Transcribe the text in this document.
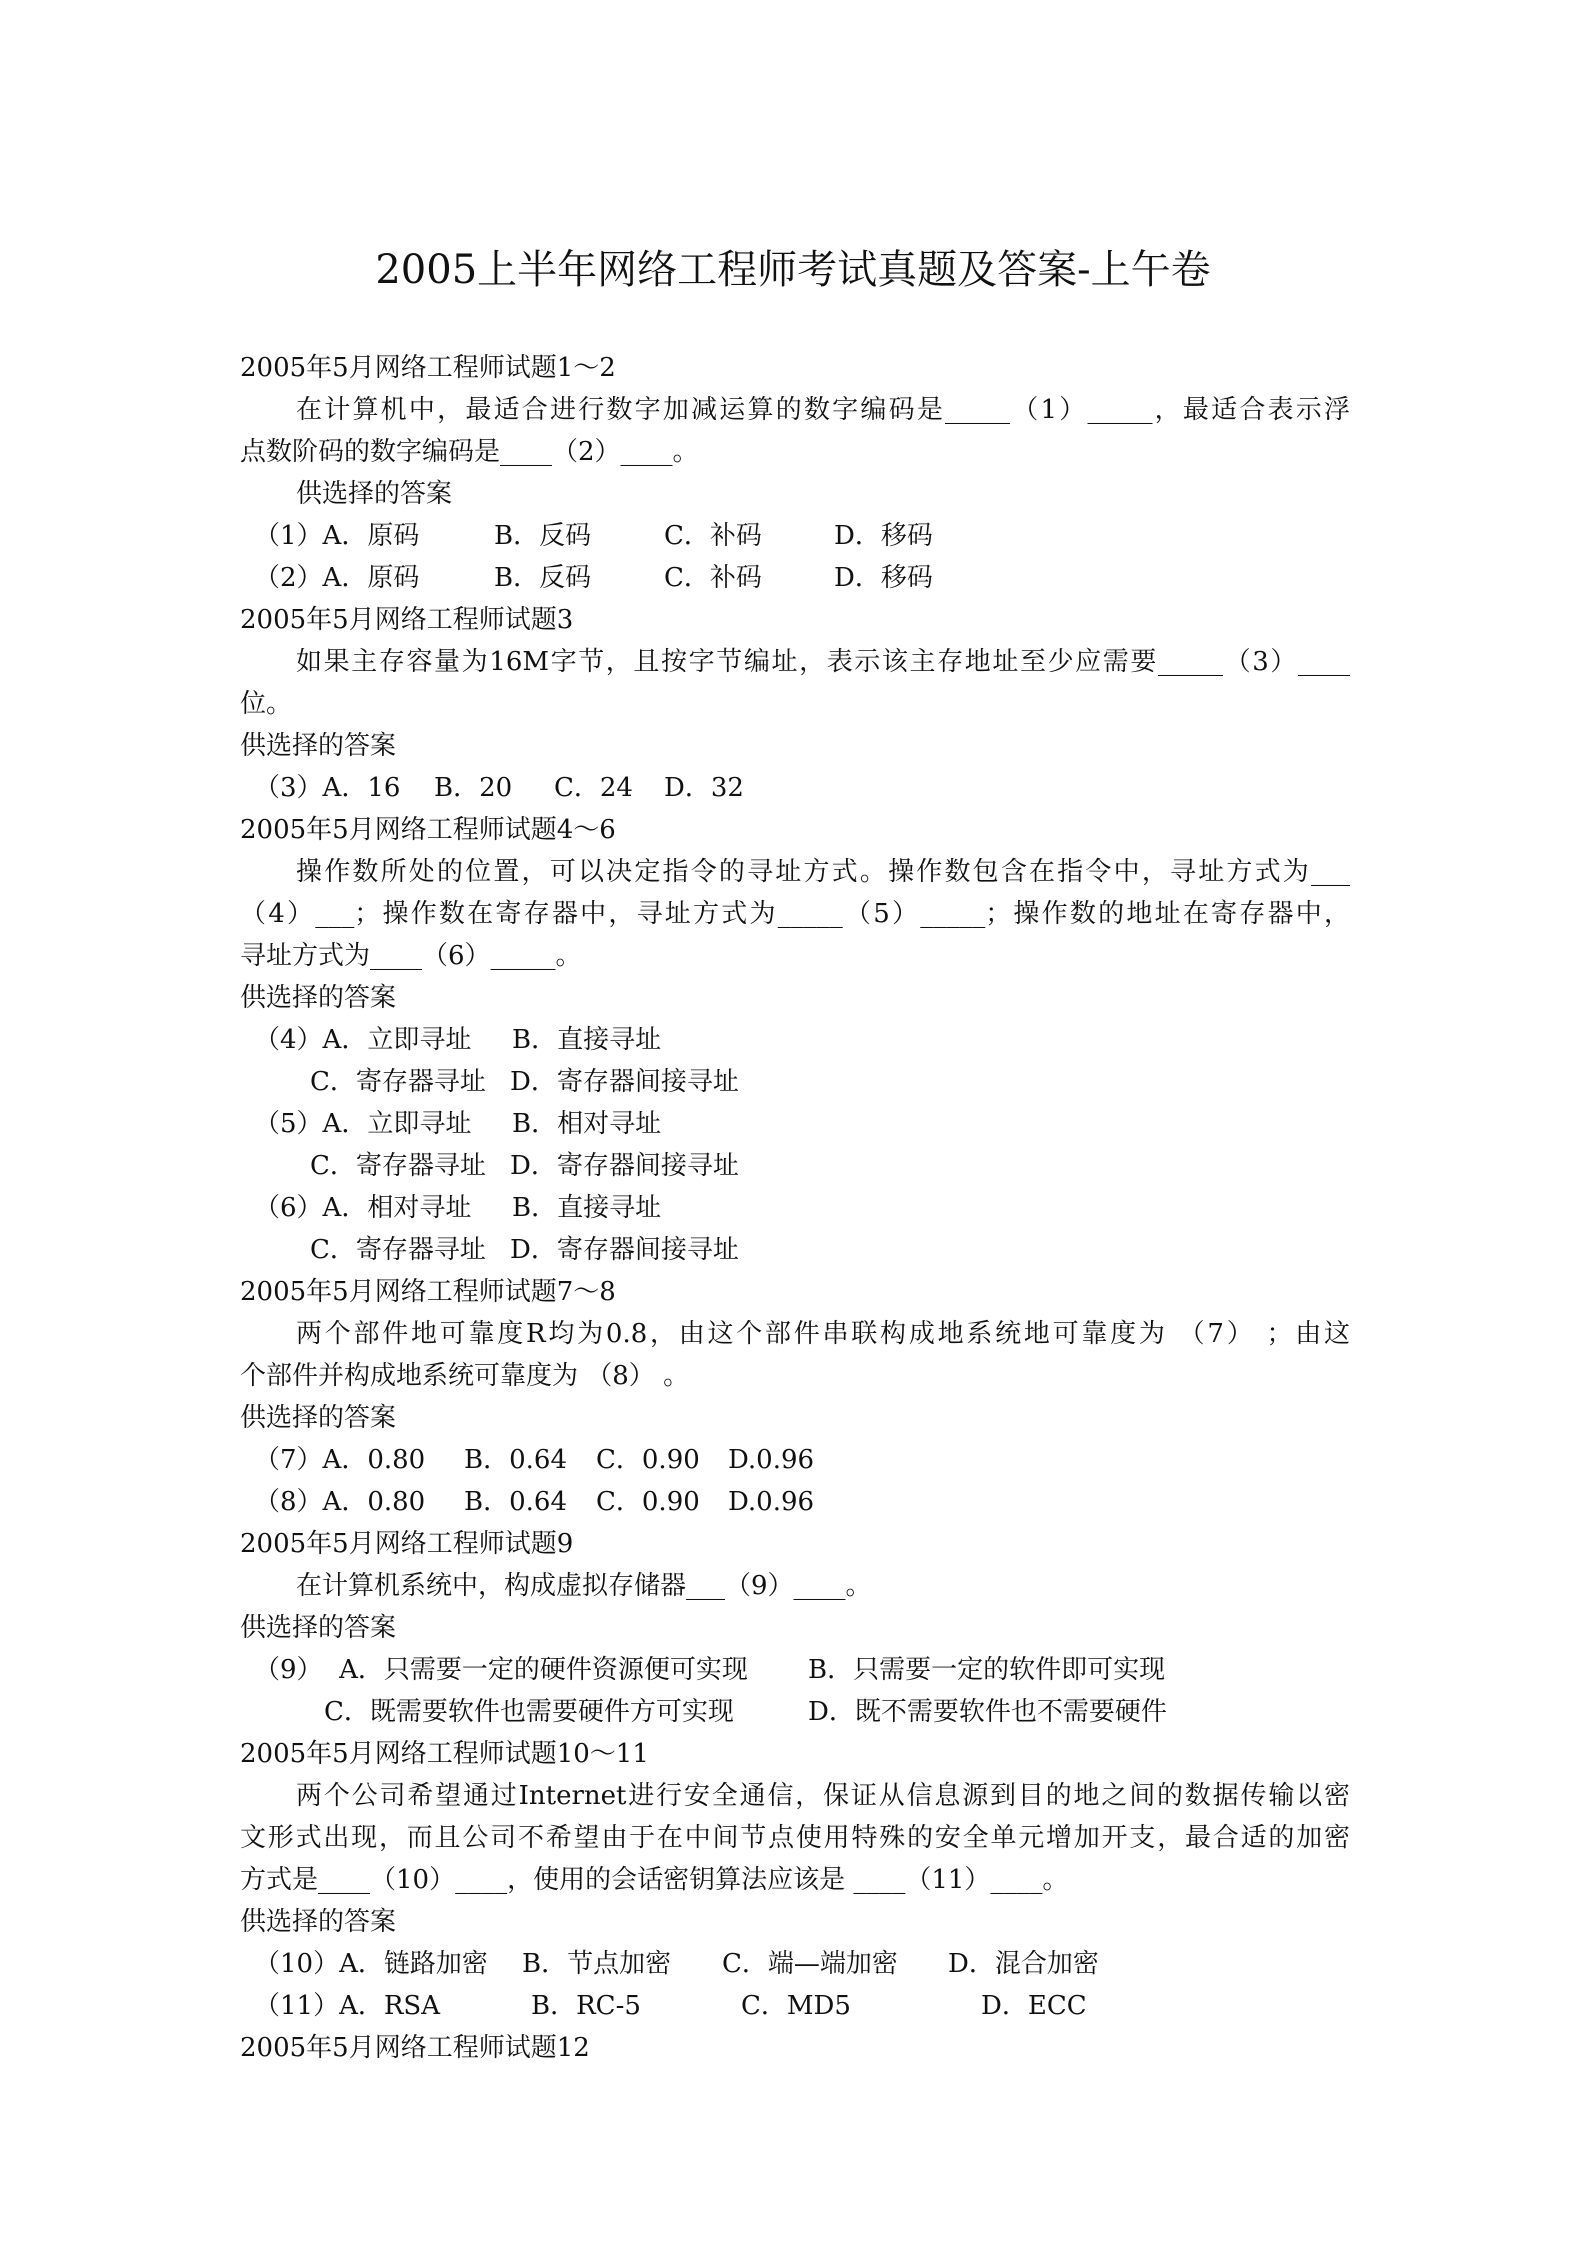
2005上半年网络工程师考试真题及答案-上午卷
2005年5月网络工程师试题1～2
在计算机中，最适合进行数字加减运算的数字编码是_____（1）_____，最适合表示浮
点数阶码的数字编码是____（2）____。
供选择的答案
（1）A．原码	B．反码	C．补码	D．移码
（2）A．原码	B．反码	C．补码	D．移码
2005年5月网络工程师试题3
如果主存容量为16M字节，且按字节编址，表示该主存地址至少应需要_____（3）____
位。
供选择的答案
（3）A．16 B．20 C．24 D．32
2005年5月网络工程师试题4～6
操作数所处的位置，可以决定指令的寻址方式。操作数包含在指令中，寻址方式为___
（4）___；操作数在寄存器中，寻址方式为_____（5）_____；操作数的地址在寄存器中，
寻址方式为____（6）_____。
供选择的答案
（4）A．立即寻址 B．直接寻址
C．寄存器寻址 D．寄存器间接寻址
（5）A．立即寻址 B．相对寻址
C．寄存器寻址 D．寄存器间接寻址
（6）A．相对寻址 B．直接寻址
C．寄存器寻址 D．寄存器间接寻址
2005年5月网络工程师试题7～8
两个部件地可靠度R均为0.8，由这个部件串联构成地系统地可靠度为 （7） ；由这
个部件并构成地系统可靠度为 （8） 。
供选择的答案
（7）A．0.80 B．0.64 C．0.90 D.0.96
（8）A．0.80 B．0.64 C．0.90 D.0.96
2005年5月网络工程师试题9
在计算机系统中，构成虚拟存储器___（9）____。
供选择的答案
（9）  A．只需要一定的硬件资源便可实现 B．只需要一定的软件即可实现
C．既需要软件也需要硬件方可实现	D．既不需要软件也不需要硬件
2005年5月网络工程师试题10～11
两个公司希望通过Internet进行安全通信，保证从信息源到目的地之间的数据传输以密
文形式出现，而且公司不希望由于在中间节点使用特殊的安全单元增加开支，最合适的加密
方式是____（10）____，使用的会话密钥算法应该是 ____（11）____。
供选择的答案
（10）A．链路加密 B．节点加密 C．端—端加密 D．混合加密
（11）A．RSA	B．RC-5	C．MD5	D．ECC
2005年5月网络工程师试题12
